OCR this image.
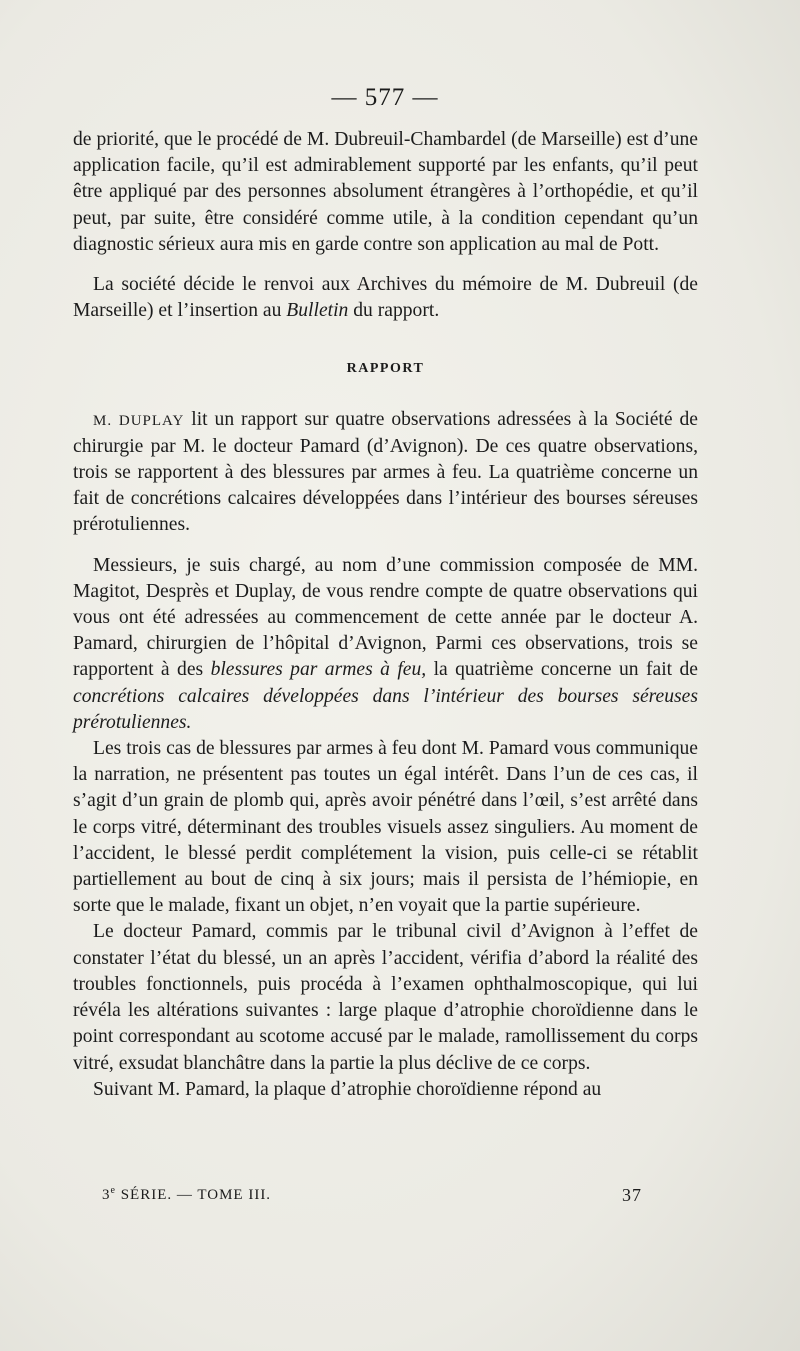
— 577 —

de priorité, que le procédé de M. Dubreuil-Chambardel (de Marseille) est d’une application facile, qu’il est admirablement supporté par les enfants, qu’il peut être appliqué par des personnes absolument étrangères à l’orthopédie, et qu’il peut, par suite, être considéré comme utile, à la condition cependant qu’un diagnostic sérieux aura mis en garde contre son application au mal de Pott.

La société décide le renvoi aux Archives du mémoire de M. Dubreuil (de Marseille) et l’insertion au Bulletin du rapport.

RAPPORT

M. DUPLAY lit un rapport sur quatre observations adressées à la Société de chirurgie par M. le docteur Pamard (d’Avignon). De ces quatre observations, trois se rapportent à des blessures par armes à feu. La quatrième concerne un fait de concrétions calcaires développées dans l’intérieur des bourses séreuses prérotuliennes.

Messieurs, je suis chargé, au nom d’une commission composée de MM. Magitot, Desprès et Duplay, de vous rendre compte de quatre observations qui vous ont été adressées au commencement de cette année par le docteur A. Pamard, chirurgien de l’hôpital d’Avignon, Parmi ces observations, trois se rapportent à des blessures par armes à feu, la quatrième concerne un fait de concrétions calcaires développées dans l’intérieur des bourses séreuses prérotuliennes.

Les trois cas de blessures par armes à feu dont M. Pamard vous communique la narration, ne présentent pas toutes un égal intérêt. Dans l’un de ces cas, il s’agit d’un grain de plomb qui, après avoir pénétré dans l’œil, s’est arrêté dans le corps vitré, déterminant des troubles visuels assez singuliers. Au moment de l’accident, le blessé perdit complétement la vision, puis celle-ci se rétablit partiellement au bout de cinq à six jours; mais il persista de l’hémiopie, en sorte que le malade, fixant un objet, n’en voyait que la partie supérieure.

Le docteur Pamard, commis par le tribunal civil d’Avignon à l’effet de constater l’état du blessé, un an après l’accident, vérifia d’abord la réalité des troubles fonctionnels, puis procéda à l’examen ophthalmoscopique, qui lui révéla les altérations suivantes : large plaque d’atrophie choroïdienne dans le point correspondant au scotome accusé par le malade, ramollissement du corps vitré, exsudat blanchâtre dans la partie la plus déclive de ce corps.

Suivant M. Pamard, la plaque d’atrophie choroïdienne répond au

3e SÉRIE. — TOME III.	37
